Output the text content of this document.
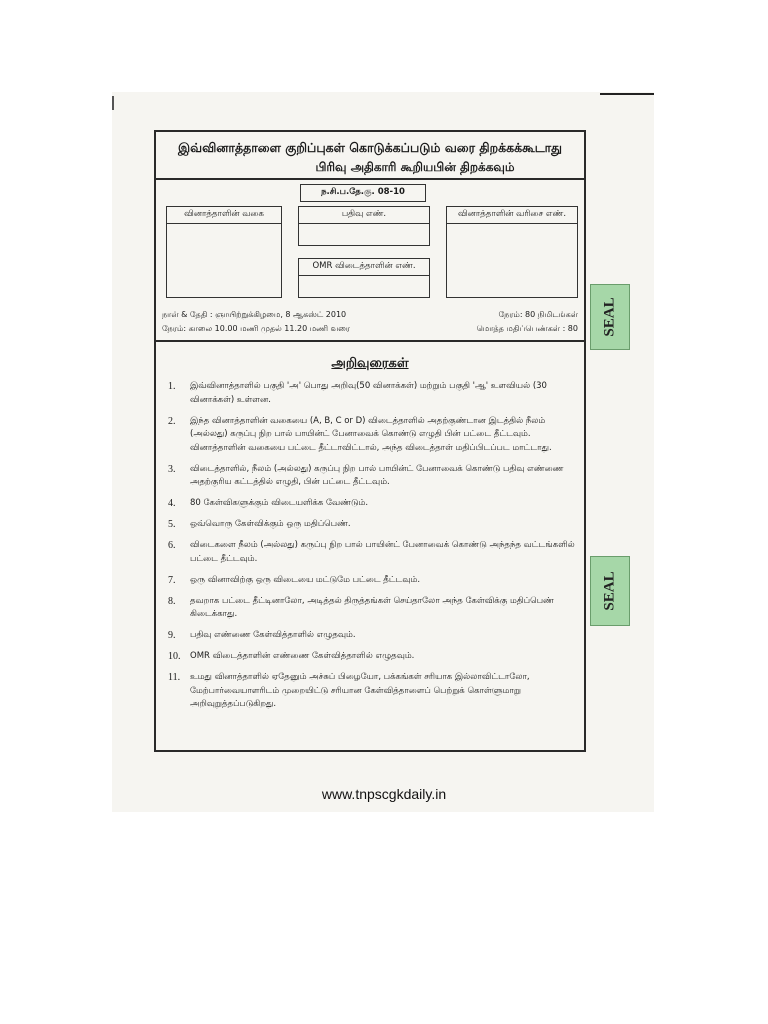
இவ்வினாத்தாளை குறிப்புகள் கொடுக்கப்படும் வரை திறக்கக்கூடாது
பிரிவு அதிகாரி கூறியபின் திறக்கவும்
ந.சி.ப.தே.கு. 08-10
வினாத்தாளின் வகை	பதிவு எண்.	வினாத்தாளின் வரிசை எண்.
OMR விடைத்தாளின் எண்.
நாள் & தேதி : ஞாயிற்றுக்கிழமை, 8 ஆகஸ்ட் 2010
நேரம்: காலை 10.00 மணி முதல் 11.20 மணி வரை
நேரம்: 80 நிமிடங்கள்
மொத்த மதிப்பெண்கள் : 80
அறிவுரைகள்
1. இவ்வினாத்தாளில் பகுதி 'அ' பொது அறிவு(50 வினாக்கள்) மற்றும் பகுதி 'ஆ' உளவியல் (30 வினாக்கள்) உள்ளன.
2. இந்த வினாத்தாளின் வகையை (A, B, C or D) விடைத்தாளில் அதற்குண்டான இடத்தில் நீலம் (அல்லது) கருப்பு நிற பால் பாயின்ட் பேனாவைக் கொண்டு எழுதி பின் பட்டை தீட்டவும். வினாத்தாளின் வகையை பட்டை தீட்டாவிட்டால், அந்த விடைத்தாள் மதிப்பிடப்பட மாட்டாது.
3. விடைத்தாளில், நீலம் (அல்லது) கருப்பு நிற பால் பாயின்ட் பேனாவைக் கொண்டு பதிவு எண்ணை அதற்குரிய கட்டத்தில் எழுதி, பின் பட்டை தீட்டவும்.
4. 80 கேள்விகளுக்கும் விடையளிக்க வேண்டும்.
5. ஒவ்வொரு கேள்விக்கும் ஒரு மதிப்பெண்.
6. விடைகளை நீலம் (அல்லது) கருப்பு நிற பால் பாயின்ட் பேனாவைக் கொண்டு அந்தந்த வட்டங்களில் பட்டை தீட்டவும்.
7. ஒரு வினாவிற்கு ஒரு விடையை மட்டுமே பட்டை தீட்டவும்.
8. தவறாக பட்டை தீட்டினாலோ, அடித்தல் திருத்தங்கள் செய்தாலோ அந்த கேள்விக்கு மதிப்பெண் கிடைக்காது.
9. பதிவு எண்ணை கேள்வித்தாளில் எழுதவும்.
10. OMR விடைத்தாளின் எண்ணை கேள்வித்தாளில் எழுதவும்.
11. உமது வினாத்தாளில் ஏதேனும் அச்சுப் பிழையோ, பக்கங்கள் சரியாக இல்லாவிட்டாலோ, மேற்பார்வையாளரிடம் முறையிட்டு சரியான கேள்வித்தாளைப் பெற்றுக் கொள்ளுமாறு அறிவுறுத்தப்படுகிறது.
SEAL
SEAL
www.tnpscgkdaily.in
